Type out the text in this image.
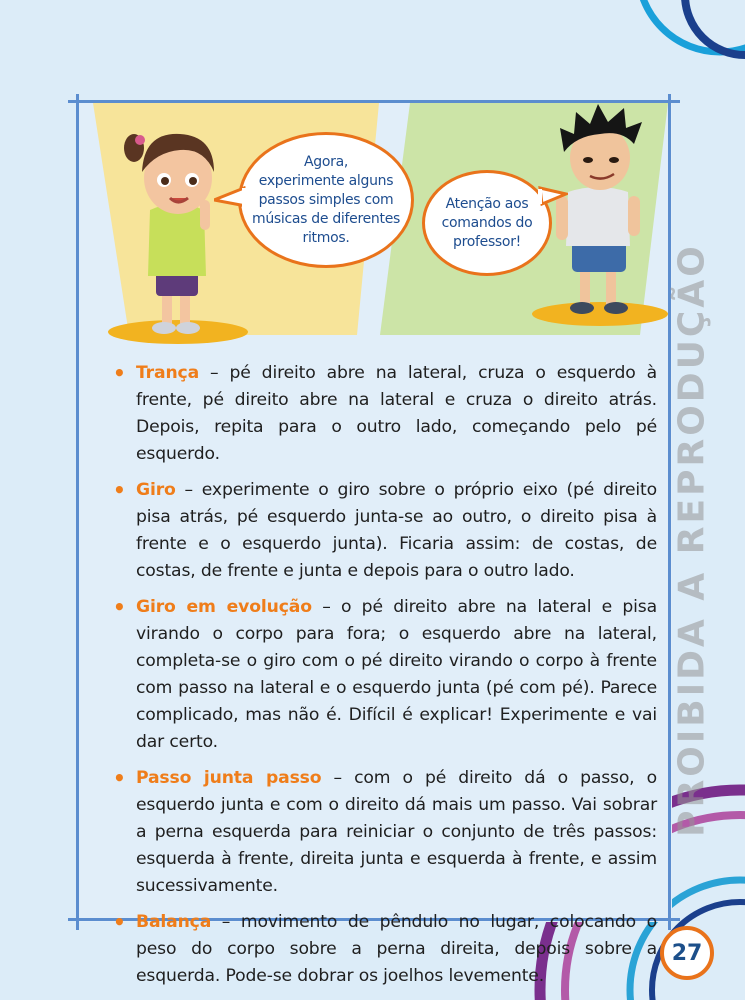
Agora,
experimente alguns
passos simples com
músicas de diferentes
ritmos.
Atenção aos
comandos do
professor!
• Trança – pé direito abre na lateral, cruza o esquerdo à frente, pé direito abre na lateral e cruza o direito atrás. Depois, repita para o outro lado, começando pelo pé esquerdo.
• Giro – experimente o giro sobre o próprio eixo (pé direito pisa atrás, pé esquerdo junta-se ao outro, o direito pisa à frente e o esquerdo junta). Ficaria assim: de costas, de costas, de frente e junta e depois para o outro lado.
• Giro em evolução – o pé direito abre na lateral e pisa virando o corpo para fora; o esquerdo abre na lateral, completa-se o giro com o pé direito virando o corpo à frente com passo na lateral e o esquerdo junta (pé com pé). Parece complicado, mas não é. Difícil é explicar! Experimente e vai dar certo.
• Passo junta passo – com o pé direito dá o passo, o esquerdo junta e com o direito dá mais um passo. Vai sobrar a perna esquerda para reiniciar o conjunto de três passos: esquerda à frente, direita junta e esquerda à frente, e assim sucessivamente.
• Balança – movimento de pêndulo no lugar, colocando o peso do corpo sobre a perna direita, depois sobre a esquerda. Pode-se dobrar os joelhos levemente.
PROIBIDA A REPRODUÇÃO
27
